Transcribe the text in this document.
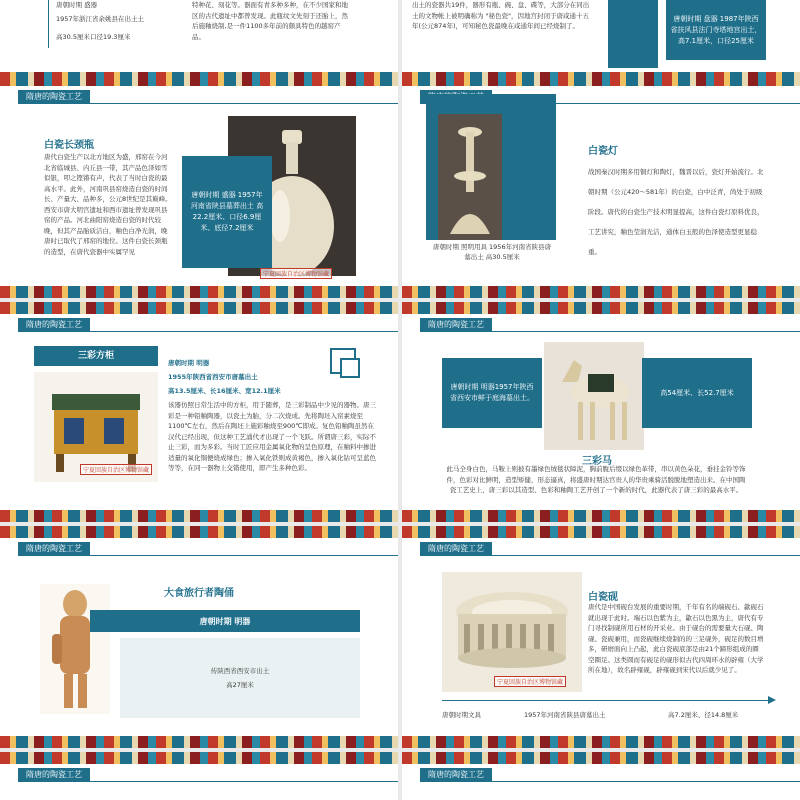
唐朝时期 盛器
1957年浙江省余姚县在出土土
高30.5厘米口径19.3厘米
特种花、刻花等。器面有青多种多种，在不少国家和地区的古代遗址中都曾发现。此瓶纹文先刻于还胎上，然后施釉烧制,是一件1100多年前的颇具特色的越窑产品。
出土的瓷器共19件，器形有瓶、碗、盘、碟等，大部分在同出土的文物帐上被明确称为 "秘色瓷"，因地宫封闭于唐咸通十五年(公元874年)，可知秘色瓷最晚在咸通年间已经烧制了。
唐朝时期 盘器 1987年陕西省扶风县法门寺塔地宫出土，高7.1厘米，口径25厘米
隋唐的陶瓷工艺
白瓷长颈瓶
唐代白瓷生产以北方地区为盛，邢窑在今河北省临城县、内丘县一带，其产品色泽如雪似银，叩之铿锵有声，代表了当时白瓷的最高水平。此外，河南巩县窑烧造白瓷的时间长、产量大、品种多，公元8世纪是其巅峰。西安市唐大明宫遗址和西市遗址曾发现巩县窑的产品。河北曲阳窑烧造白瓷的时代较晚，但其产品胎质洁白，釉色白净光润，晚唐时已取代了邢窑的地位。这件白瓷长颈瓶的造型，在唐代瓷器中实属罕见
唐朝时期 盛器 1957年河南省陕县墓葬出土 高22.2厘米、口径6.9厘米、底径7.2厘米
宁夏回族自治区博物馆藏
唐朝时期 照明用具 1956年河南省陕县唐墓出土 高30.5厘米
白瓷灯
战国秦汉时期多用铜灯和陶灯，魏晋以后，瓷灯开始流行。北朝时期（公元420～581年）的白瓷，白中泛青，尚处于初级阶段。唐代的白瓷生产技术明显提高，这件白瓷灯原料优良，工艺讲究，釉色莹润光洁，通体白玉般的色泽使造型更显稳重。
隋唐的陶瓷工艺
三彩方柜
宁夏回族自治区博物馆藏
唐朝时期 明器
1955年陕西省西安市唐墓出土
高13.5厘米、长16厘米、宽12.1厘米
该器仿照日常生活中的方柜，用于随葬，是三彩制品中少见的器物。唐三彩是一种铅釉陶器，以瓷土为胎，分二次烧成。先将陶坯入窑素烧至1100℃左右，然后在陶坯上施彩釉烧至900℃即成。复色铅釉陶虽然在汉代已经出现，但这种工艺涌代才出现了一个飞跃。所谓唐三彩，实际不止三彩，而为多彩。当时工匠应用金属氧化物的呈色原理，在釉料中掺进适量的氧化铜便烧成绿色；掺入氧化铁则成黄褐色，掺入氧化钴可呈蓝色等等，在同一器物上交错使用，即产生多种色彩。
隋唐的陶瓷工艺
唐朝时期 明器1957年陕西省西安市鲜于庭海墓出土。
高54厘米、长52.7厘米
三彩马
此马全身白色，马鞍上则披有墨绿色绒毯状障泥，胸前腹后缀以绿色革带，串以黄色朵花，垂挂金铃等饰件，色彩对比鲜明，造型矫健，形态逼真，将盛唐时期达官贵人的华贵乘骑活脱脱地塑造出来。在中国陶瓷工艺史上，唐三彩以其造型、色彩和釉陶工艺开创了一个新的时代，此器代表了唐三彩的最高水平。
隋唐的陶瓷工艺
大食旅行者陶俑
唐朝时期 明器
传陕西省西安市出土
高27厘米
隋唐的陶瓷工艺
宁夏回族自治区博物馆藏
白瓷砚
唐代是中国砚台发展的重要时期，千年有名的端砚石、歙砚石就出现于此时。端石以色紫为主，歙石以色黑为主，唐代有专门寻找制砚所用石材的开采业。由于砚台的需要量大石砚、陶砚、瓷砚兼用，而瓷砚继续烧制的的三足砚外，砚足的数目增多，研磨面向上凸起，此白瓷砚底部是由21个蹄形组成的圈空圈足。这类圆而有砚足的砚形似古代四周环水的辟雍（大学所在地），故名辟雍砚，辟雍砚到宋代以后就少见了。
唐朝时期文具	1957年河南省陕县唐墓出土	高7.2厘米、径14.8厘米
隋唐的陶瓷工艺	隋唐的陶瓷工艺
